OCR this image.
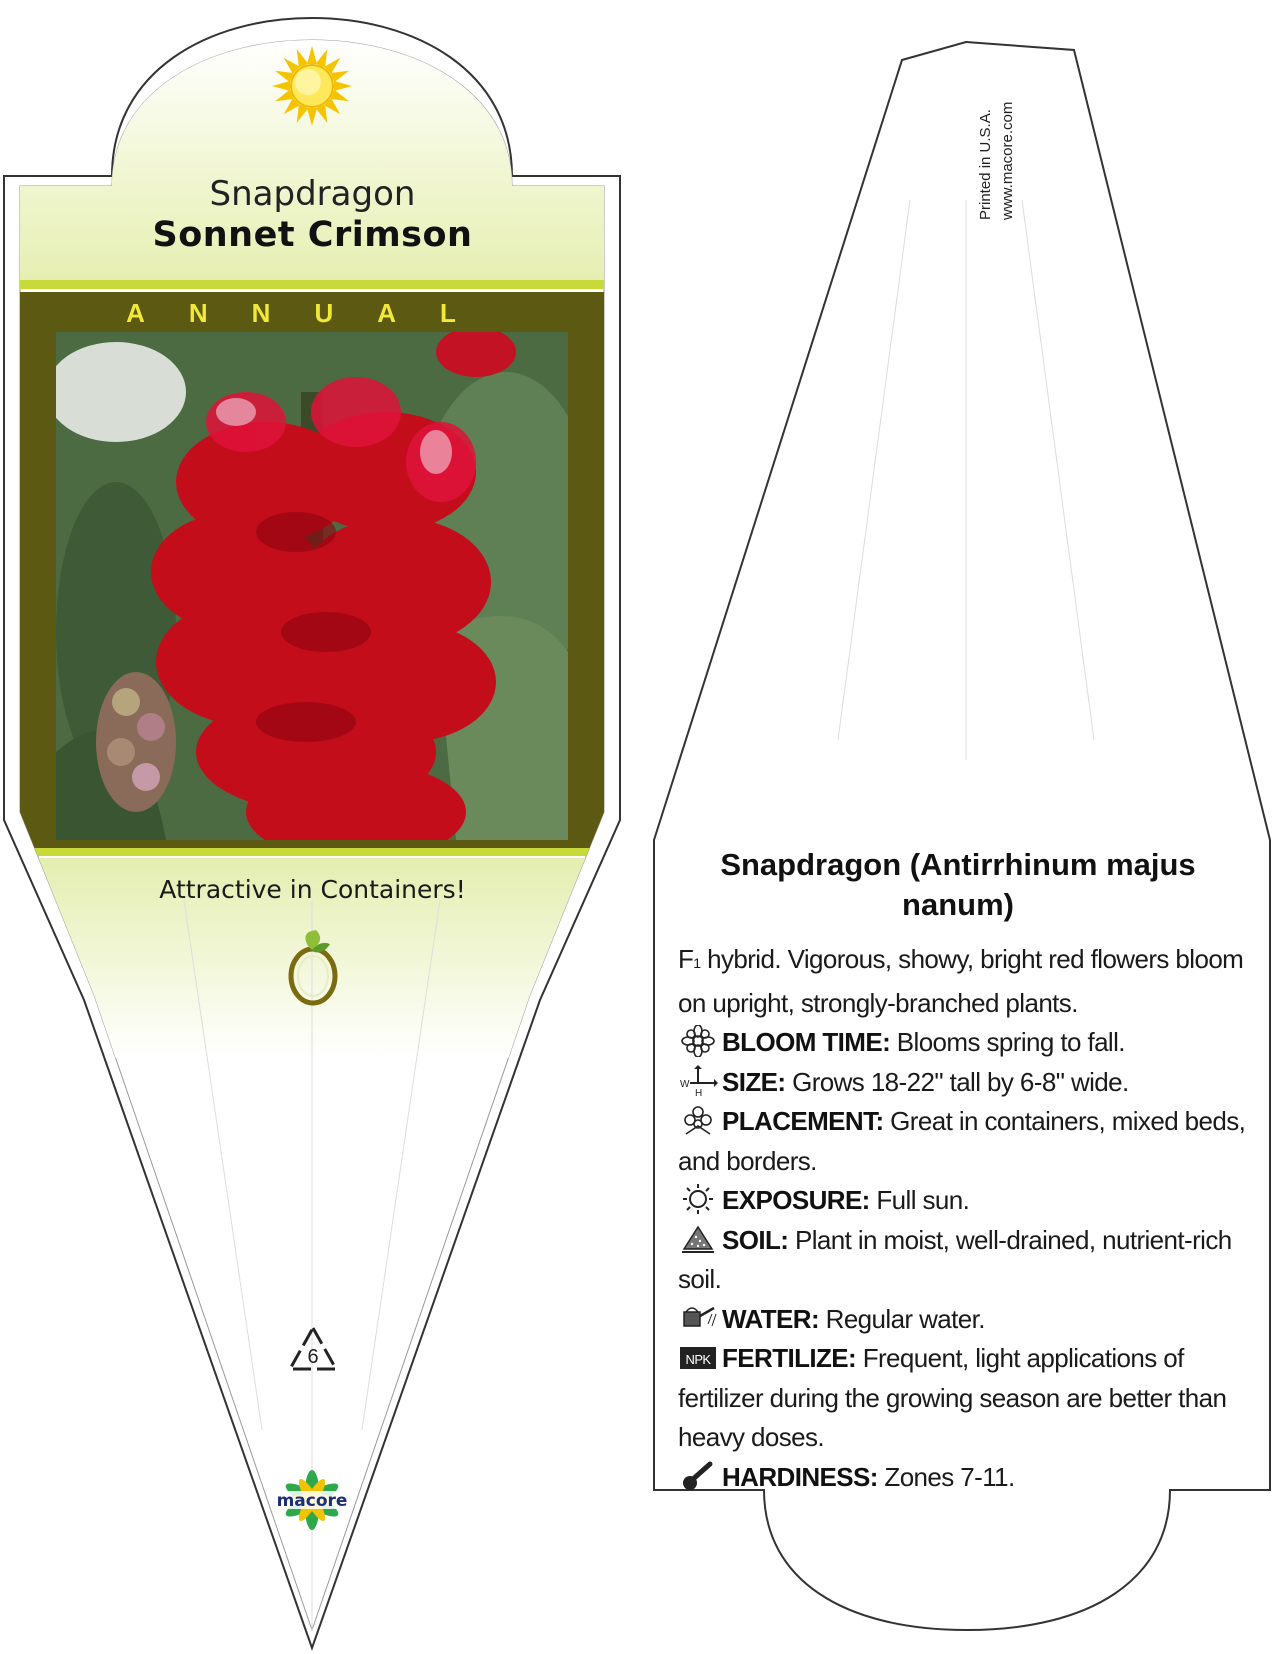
Snapdragon
Sonnet Crimson
ANNUAL
Attractive in Containers!
6
macore
Printed in U.S.A. www.macore.com
Snapdragon (Antirrhinum majus nanum)

F1 hybrid. Vigorous, showy, bright red flowers bloom on upright, strongly-branched plants.

BLOOM TIME: Blooms spring to fall.

W
H SIZE: Grows 18-22" tall by 6-8" wide.

PLACEMENT: Great in containers, mixed beds, and borders.

EXPOSURE: Full sun.

SOIL: Plant in moist, well-drained, nutrient-rich soil.

WATER: Regular water.

NPK FERTILIZE: Frequent, light applications of fertilizer during the growing season are better than heavy doses.

HARDINESS: Zones 7-11.
